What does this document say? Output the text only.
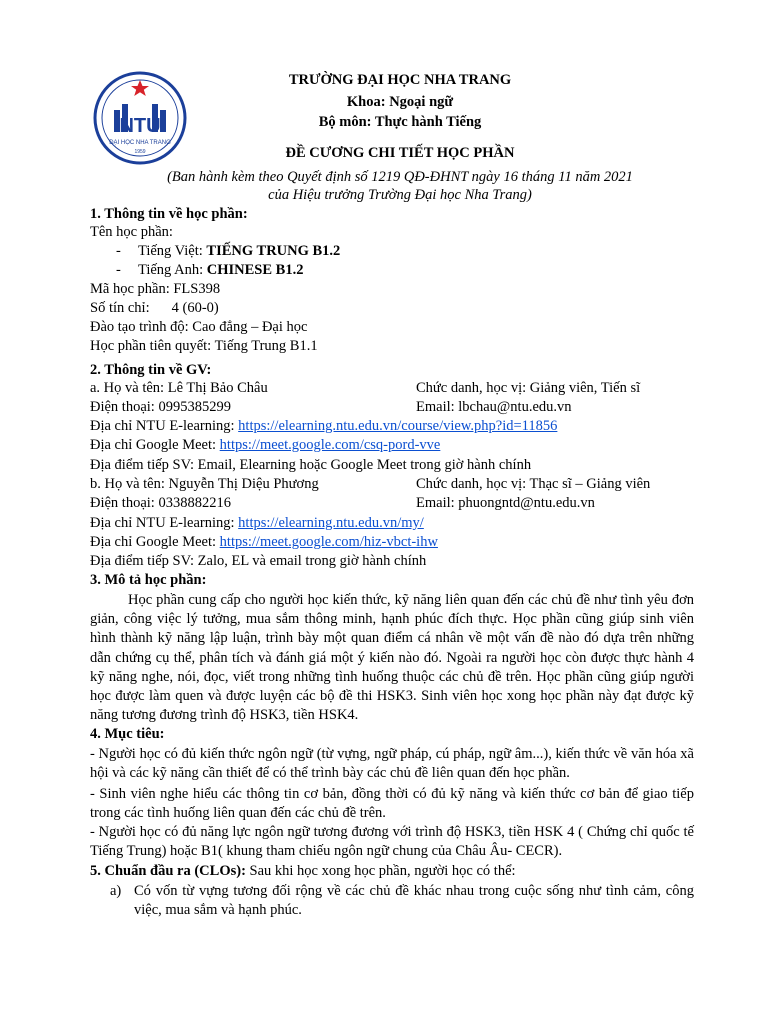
NTU
ĐẠI HỌC NHA TRANG
1959
TRƯỜNG ĐẠI HỌC NHA TRANG
Khoa: Ngoại ngữ
Bộ môn: Thực hành Tiếng
ĐỀ CƯƠNG CHI TIẾT HỌC PHẦN
(Ban hành kèm theo Quyết định số 1219 QĐ-ĐHNT ngày 16 tháng 11 năm 2021
của Hiệu trưởng Trường Đại học Nha Trang)
1. Thông tin về học phần:
Tên học phần:
- Tiếng Việt: TIẾNG TRUNG B1.2
- Tiếng Anh: CHINESE B1.2
Mã học phần: FLS398
Số tín chỉ: 4 (60-0)
Đào tạo trình độ: Cao đẳng – Đại học
Học phần tiên quyết: Tiếng Trung B1.1
2. Thông tin về GV:
a. Họ và tên: Lê Thị Bảo Châu	Chức danh, học vị: Giảng viên, Tiến sĩ
Điện thoại: 0995385299	Email: lbchau@ntu.edu.vn
Địa chỉ NTU E-learning: https://elearning.ntu.edu.vn/course/view.php?id=11856
Địa chỉ Google Meet: https://meet.google.com/csq-pord-vve
Địa điểm tiếp SV: Email, Elearning hoặc Google Meet trong giờ hành chính
b. Họ và tên: Nguyễn Thị Diệu Phương	Chức danh, học vị: Thạc sĩ – Giảng viên
Điện thoại: 0338882216	Email: phuongntd@ntu.edu.vn
Địa chỉ NTU E-learning: https://elearning.ntu.edu.vn/my/
Địa chỉ Google Meet: https://meet.google.com/hiz-vbct-ihw
Địa điểm tiếp SV: Zalo, EL và email trong giờ hành chính
3. Mô tả học phần:
Học phần cung cấp cho người học kiến thức, kỹ năng liên quan đến các chủ đề như tình yêu đơn giản, công việc lý tưởng, mua sắm thông minh, hạnh phúc đích thực. Học phần cũng giúp sinh viên hình thành kỹ năng lập luận, trình bày một quan điểm cá nhân về một vấn đề nào đó dựa trên những dẫn chứng cụ thể, phân tích và đánh giá một ý kiến nào đó. Ngoài ra người học còn được thực hành 4 kỹ năng nghe, nói, đọc, viết trong những tình huống thuộc các chủ đề trên. Học phần cũng giúp người học được làm quen và được luyện các bộ đề thi HSK3. Sinh viên học xong học phần này đạt được kỹ năng tương đương trình độ HSK3, tiền HSK4.
4. Mục tiêu:
- Người học có đủ kiến thức ngôn ngữ (từ vựng, ngữ pháp, cú pháp, ngữ âm...), kiến thức về văn hóa xã hội và các kỹ năng cần thiết để có thể trình bày các chủ đề liên quan đến học phần.
- Sinh viên nghe hiểu các thông tin cơ bản, đồng thời có đủ kỹ năng và kiến thức cơ bản để giao tiếp trong các tình huống liên quan đến các chủ đề trên.
- Người học có đủ năng lực ngôn ngữ tương đương với trình độ HSK3, tiền HSK 4 ( Chứng chỉ quốc tế Tiếng Trung) hoặc B1( khung tham chiếu ngôn ngữ chung của Châu Âu- CECR).
5. Chuẩn đầu ra (CLOs): Sau khi học xong học phần, người học có thể:
a) Có vốn từ vựng tương đối rộng về các chủ đề khác nhau trong cuộc sống như tình cảm, công việc, mua sắm và hạnh phúc.
